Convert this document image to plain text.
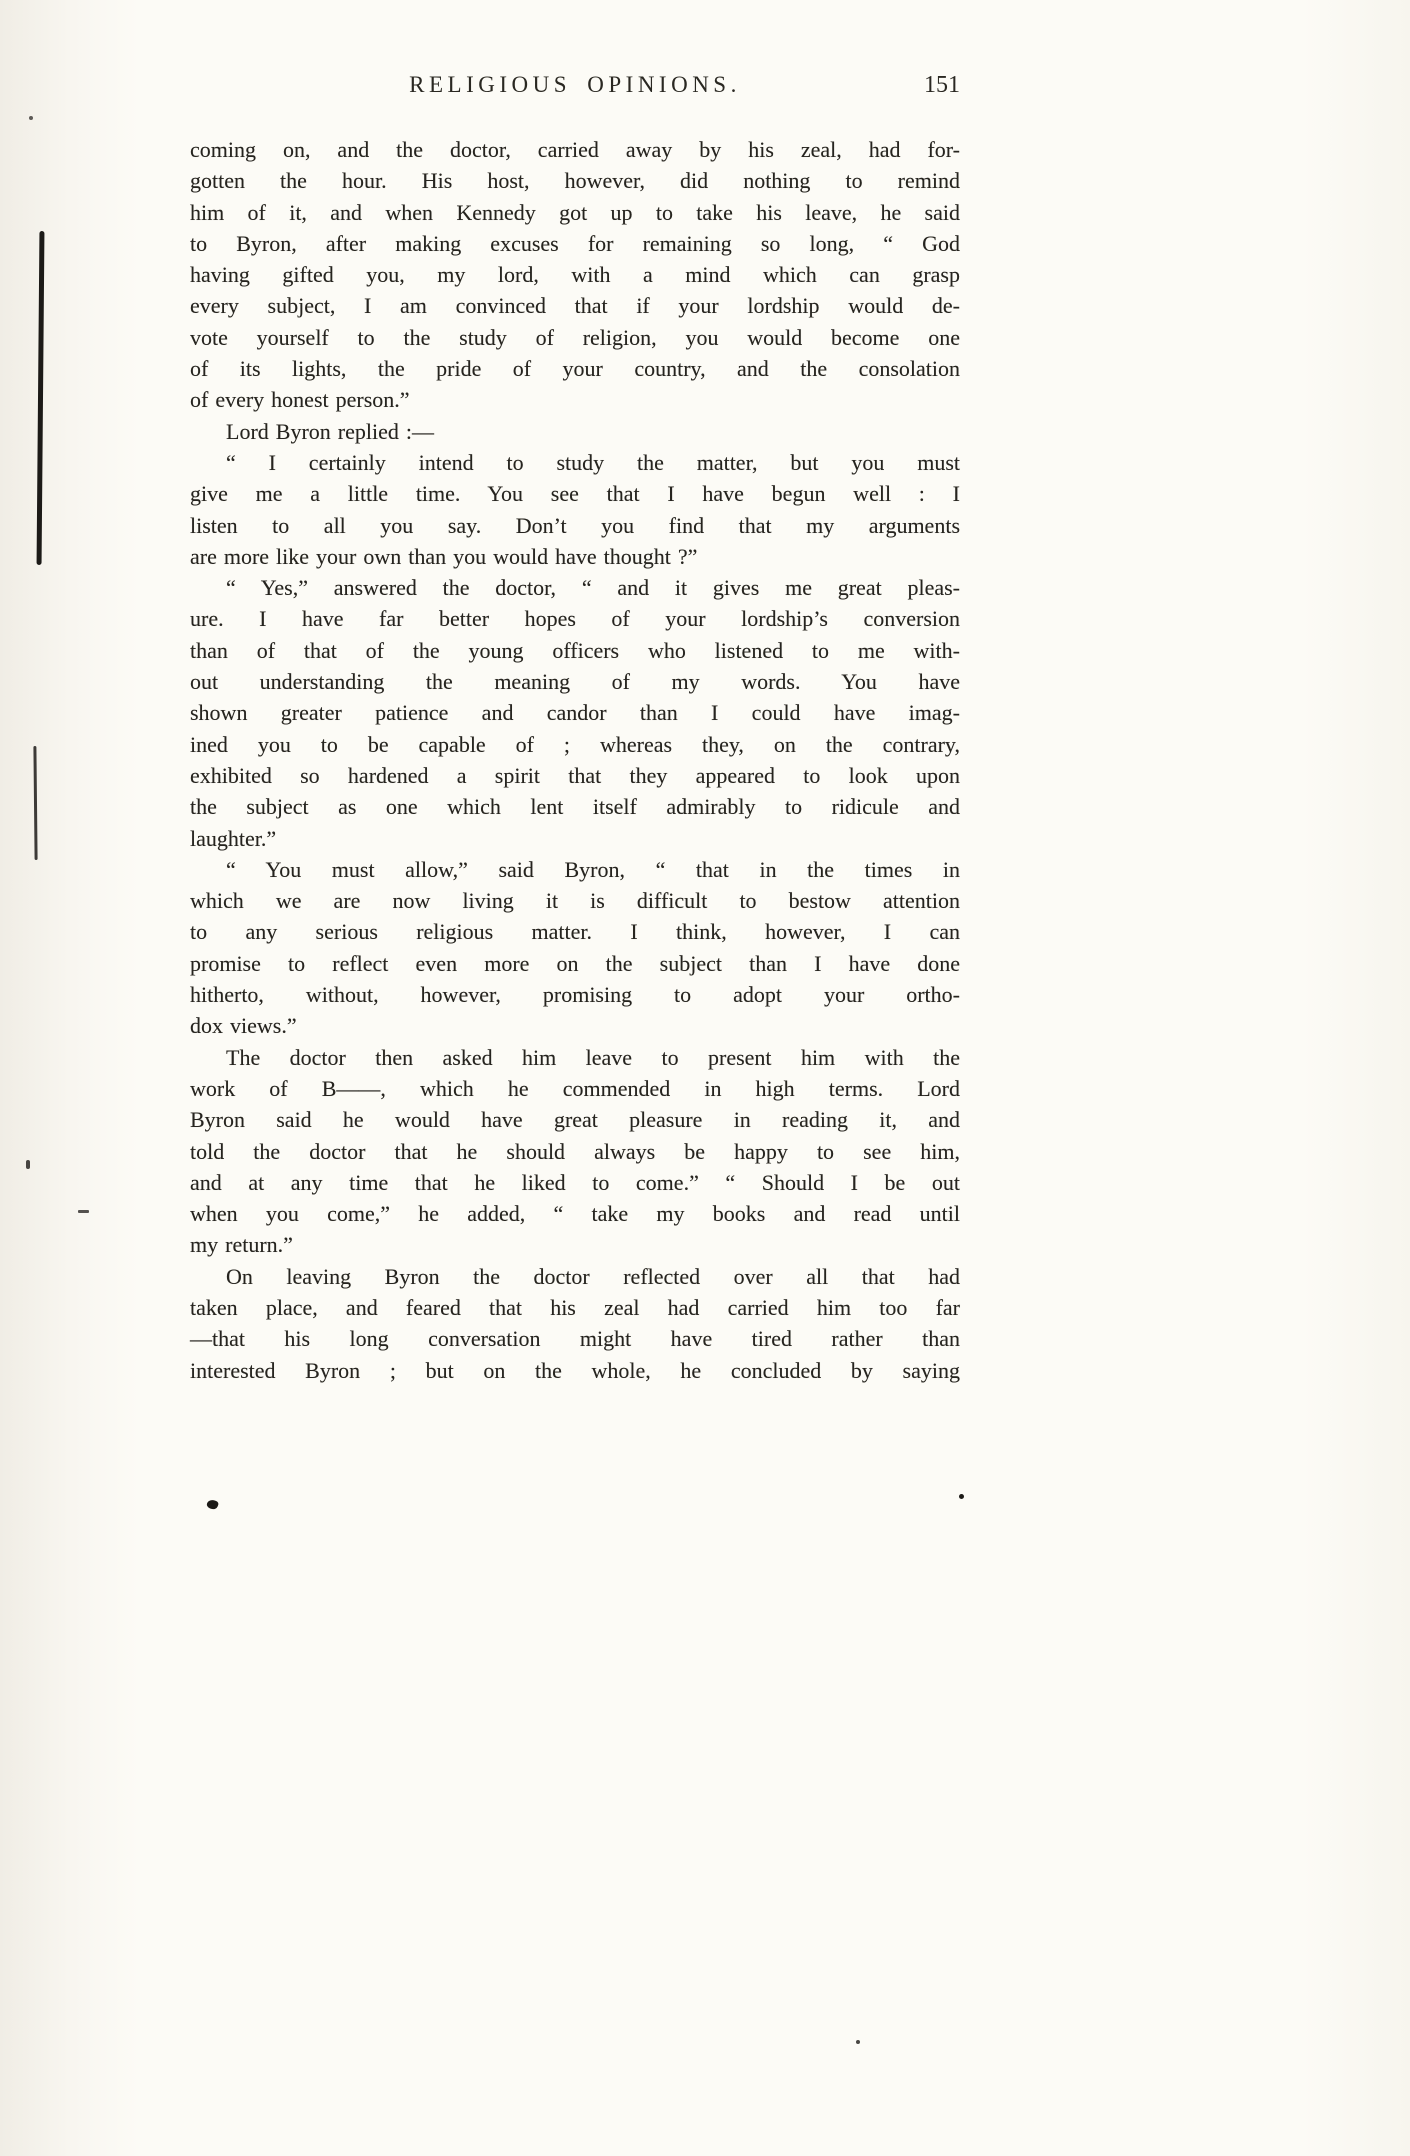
RELIGIOUS OPINIONS.	151
coming on, and the doctor, carried away by his zeal, had for-
gotten the hour. His host, however, did nothing to remind
him of it, and when Kennedy got up to take his leave, he said
to Byron, after making excuses for remaining so long, “ God
having gifted you, my lord, with a mind which can grasp
every subject, I am convinced that if your lordship would de-
vote yourself to the study of religion, you would become one
of its lights, the pride of your country, and the consolation
of every honest person.”
Lord Byron replied :—
“ I certainly intend to study the matter, but you must
give me a little time. You see that I have begun well : I
listen to all you say. Don’t you find that my arguments
are more like your own than you would have thought ?”
“ Yes,” answered the doctor, “ and it gives me great pleas-
ure. I have far better hopes of your lordship’s conversion
than of that of the young officers who listened to me with-
out understanding the meaning of my words. You have
shown greater patience and candor than I could have imag-
ined you to be capable of ; whereas they, on the contrary,
exhibited so hardened a spirit that they appeared to look upon
the subject as one which lent itself admirably to ridicule and
laughter.”
“ You must allow,” said Byron, “ that in the times in
which we are now living it is difficult to bestow attention
to any serious religious matter. I think, however, I can
promise to reflect even more on the subject than I have done
hitherto, without, however, promising to adopt your ortho-
dox views.”
The doctor then asked him leave to present him with the
work of B——, which he commended in high terms. Lord
Byron said he would have great pleasure in reading it, and
told the doctor that he should always be happy to see him,
and at any time that he liked to come.” “ Should I be out
when you come,” he added, “ take my books and read until
my return.”
On leaving Byron the doctor reflected over all that had
taken place, and feared that his zeal had carried him too far
—that his long conversation might have tired rather than
interested Byron ; but on the whole, he concluded by saying
